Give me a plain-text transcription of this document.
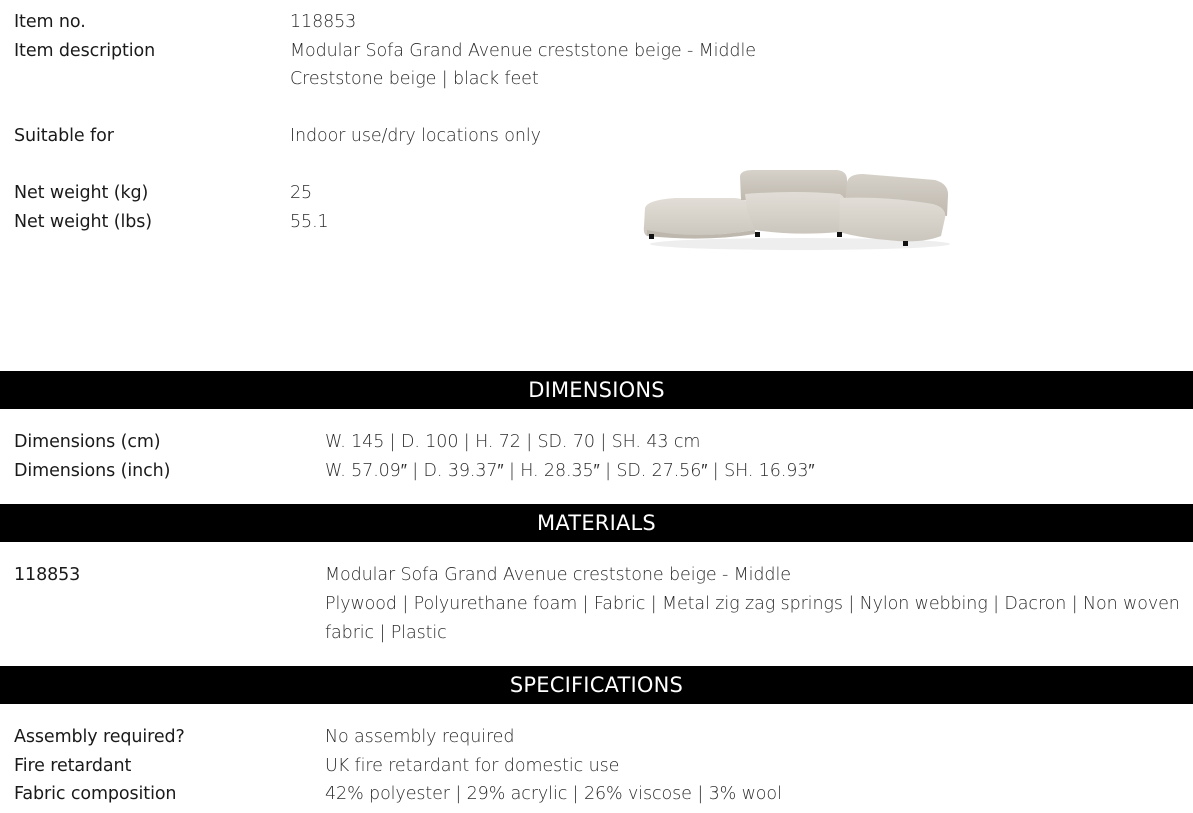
Item no.	118853
Item description	Modular Sofa Grand Avenue creststone beige - Middle
Creststone beige | black feet
Suitable for	Indoor use/dry locations only
Net weight (kg)	25
Net weight (lbs)	55.1
DIMENSIONS
Dimensions (cm)	W. 145 | D. 100 | H. 72 | SD. 70 | SH. 43 cm
Dimensions (inch)	W. 57.09″ | D. 39.37″ | H. 28.35″ | SD. 27.56″ | SH. 16.93″
MATERIALS
118853	Modular Sofa Grand Avenue creststone beige - Middle
Plywood | Polyurethane foam | Fabric | Metal zig zag springs | Nylon webbing | Dacron | Non woven fabric | Plastic
SPECIFICATIONS
Assembly required?	No assembly required
Fire retardant	UK fire retardant for domestic use
Fabric composition	42% polyester | 29% acrylic | 26% viscose | 3% wool
